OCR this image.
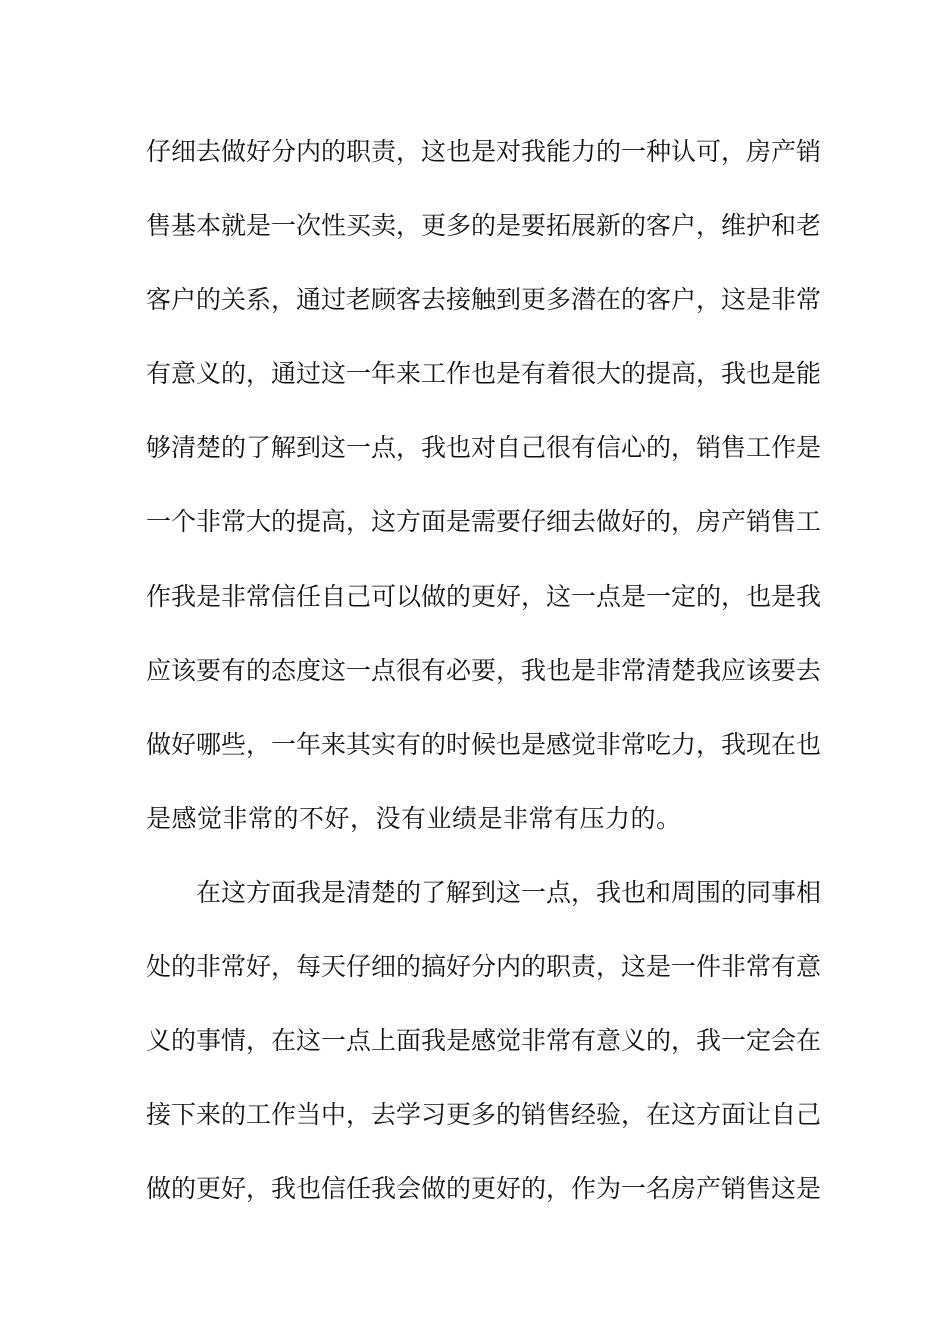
仔细去做好分内的职责，这也是对我能力的一种认可，房产销
售基本就是一次性买卖，更多的是要拓展新的客户，维护和老
客户的关系，通过老顾客去接触到更多潜在的客户，这是非常
有意义的，通过这一年来工作也是有着很大的提高，我也是能
够清楚的了解到这一点，我也对自己很有信心的，销售工作是
一个非常大的提高，这方面是需要仔细去做好的，房产销售工
作我是非常信任自己可以做的更好，这一点是一定的，也是我
应该要有的态度这一点很有必要，我也是非常清楚我应该要去
做好哪些，一年来其实有的时候也是感觉非常吃力，我现在也
是感觉非常的不好，没有业绩是非常有压力的。
在这方面我是清楚的了解到这一点，我也和周围的同事相
处的非常好，每天仔细的搞好分内的职责，这是一件非常有意
义的事情，在这一点上面我是感觉非常有意义的，我一定会在
接下来的工作当中，去学习更多的销售经验，在这方面让自己
做的更好，我也信任我会做的更好的，作为一名房产销售这是
